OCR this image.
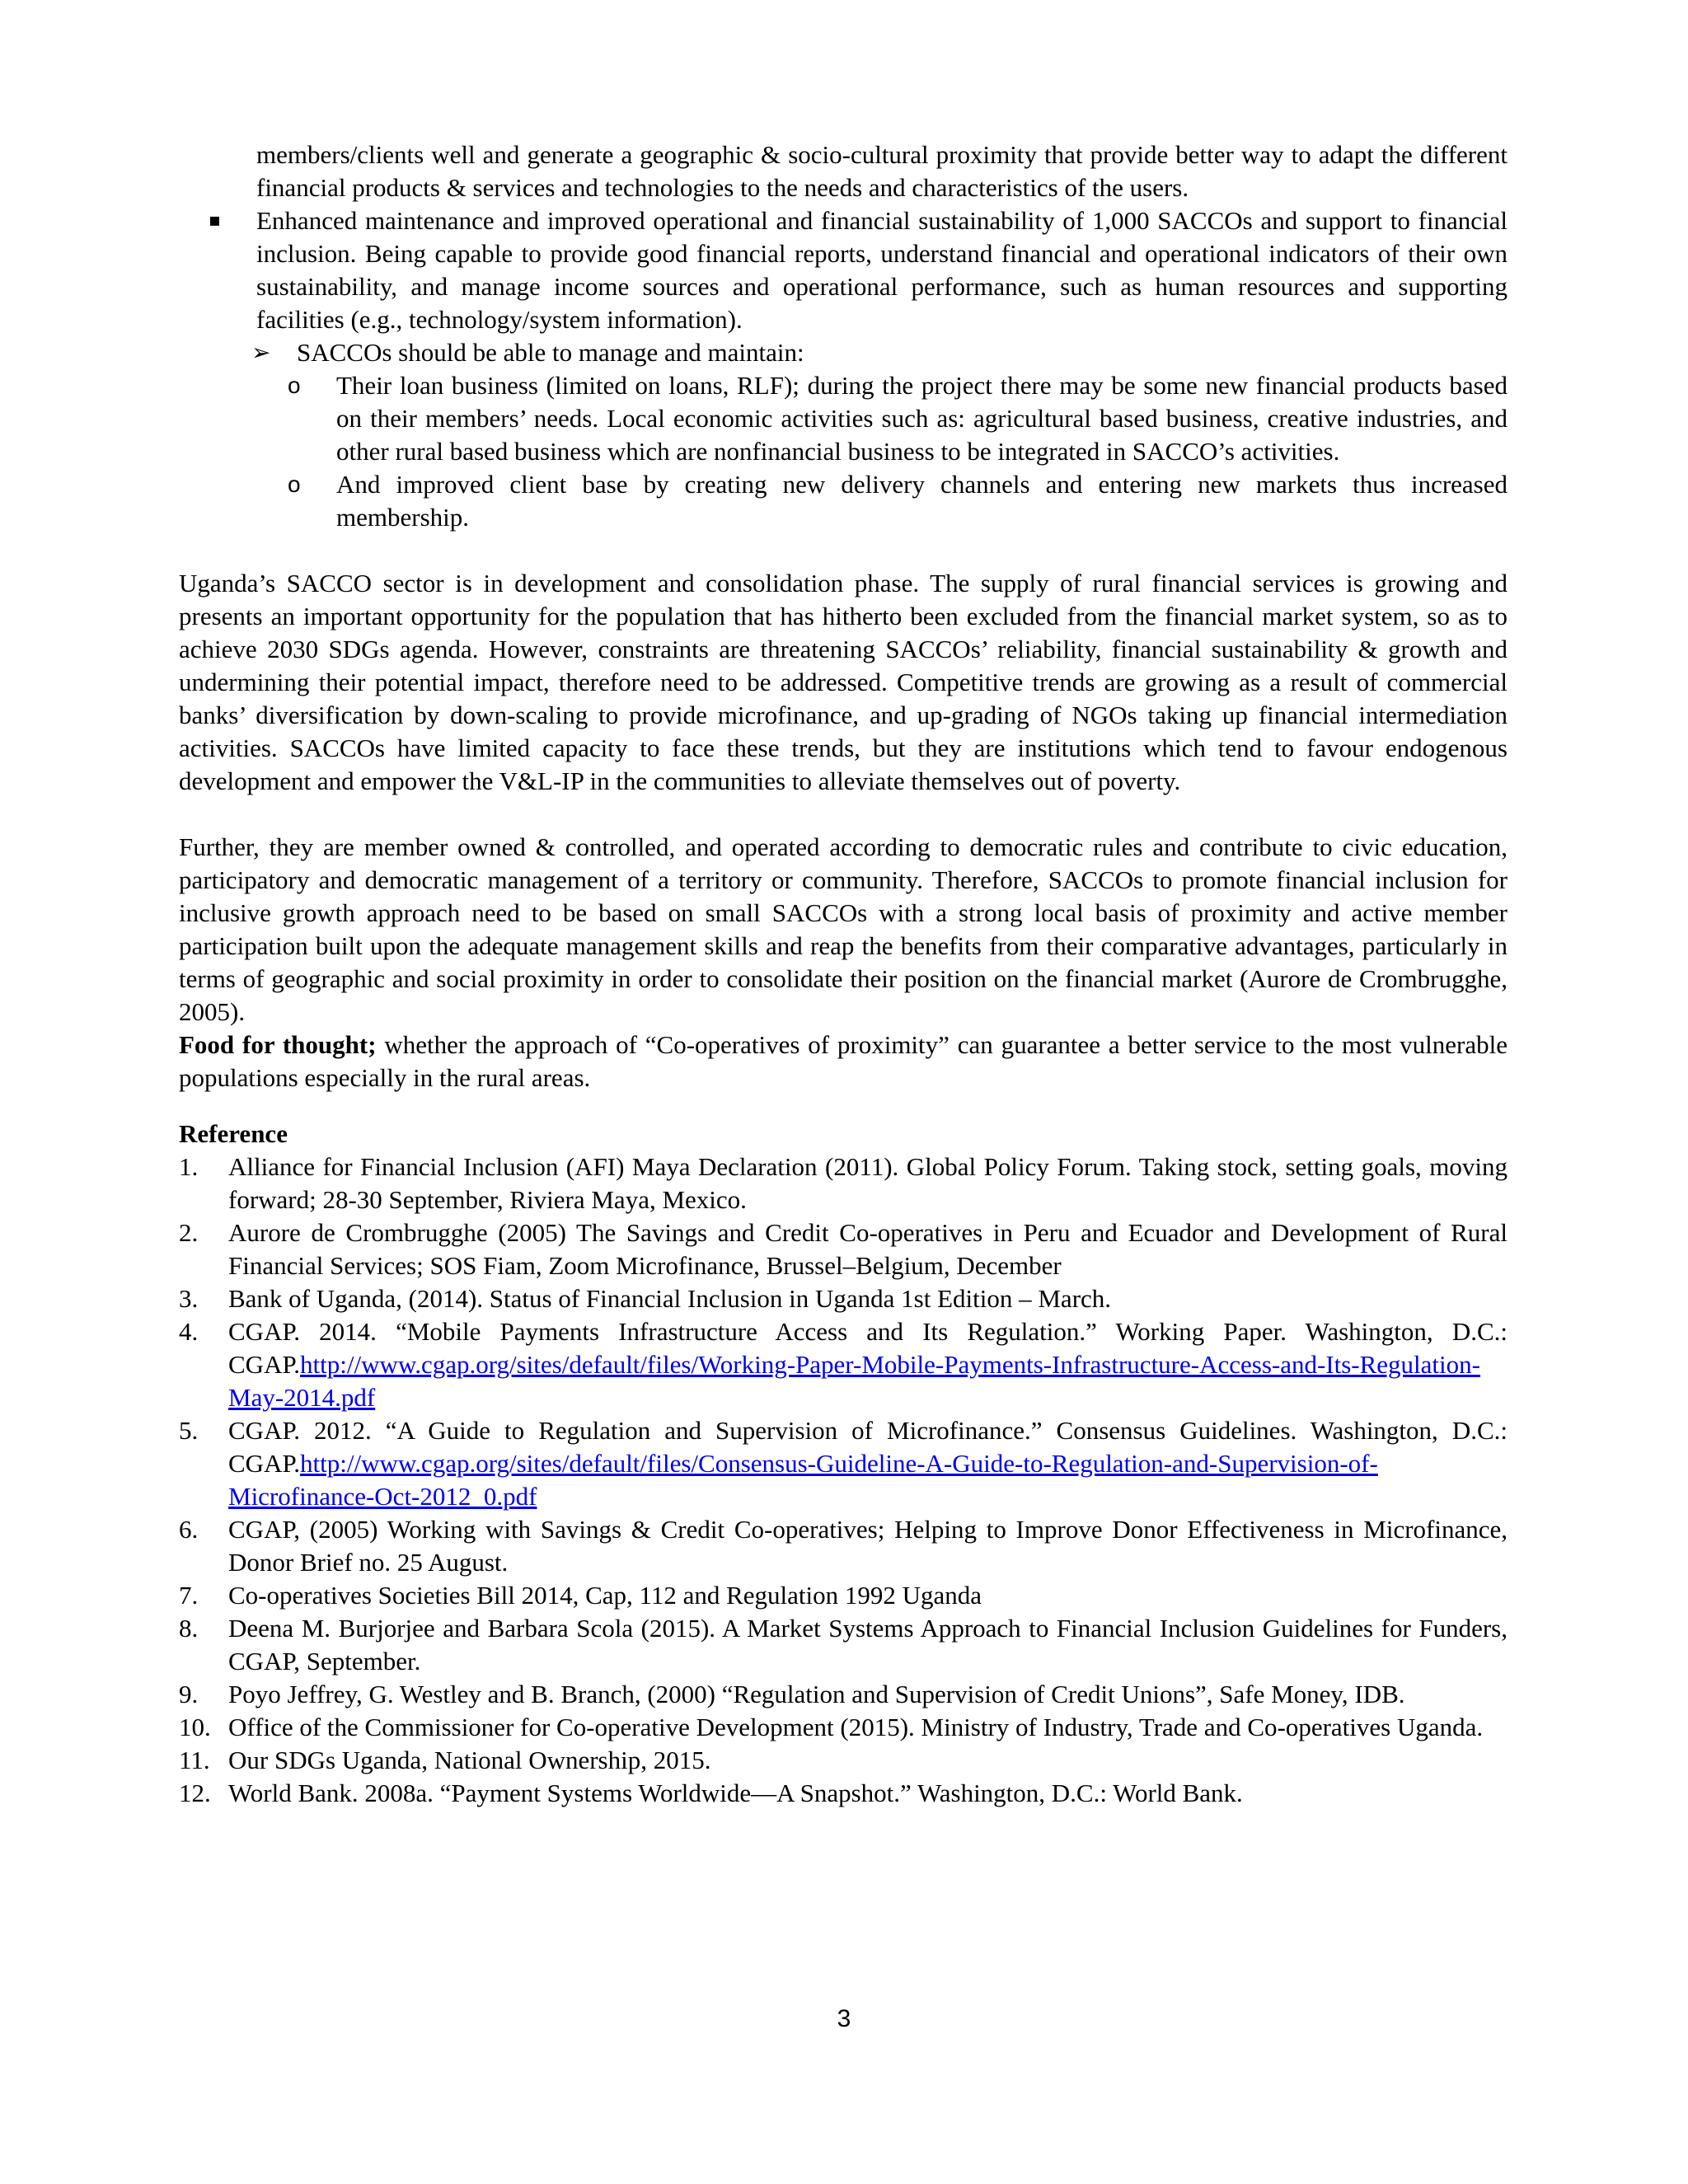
members/clients well and generate a geographic & socio-cultural proximity that provide better way to adapt the different financial products & services and technologies to the needs and characteristics of the users.

▪ Enhanced maintenance and improved operational and financial sustainability of 1,000 SACCOs and support to financial inclusion. Being capable to provide good financial reports, understand financial and operational indicators of their own sustainability, and manage income sources and operational performance, such as human resources and supporting facilities (e.g., technology/system information).

➢ SACCOs should be able to manage and maintain:

o Their loan business (limited on loans, RLF); during the project there may be some new financial products based on their members’ needs. Local economic activities such as: agricultural based business, creative industries, and other rural based business which are nonfinancial business to be integrated in SACCO’s activities.

o And improved client base by creating new delivery channels and entering new markets thus increased membership.

Uganda’s SACCO sector is in development and consolidation phase. The supply of rural financial services is growing and presents an important opportunity for the population that has hitherto been excluded from the financial market system, so as to achieve 2030 SDGs agenda. However, constraints are threatening SACCOs’ reliability, financial sustainability & growth and undermining their potential impact, therefore need to be addressed. Competitive trends are growing as a result of commercial banks’ diversification by down-scaling to provide microfinance, and up-grading of NGOs taking up financial intermediation activities. SACCOs have limited capacity to face these trends, but they are institutions which tend to favour endogenous development and empower the V&L-IP in the communities to alleviate themselves out of poverty.

Further, they are member owned & controlled, and operated according to democratic rules and contribute to civic education, participatory and democratic management of a territory or community. Therefore, SACCOs to promote financial inclusion for inclusive growth approach need to be based on small SACCOs with a strong local basis of proximity and active member participation built upon the adequate management skills and reap the benefits from their comparative advantages, particularly in terms of geographic and social proximity in order to consolidate their position on the financial market (Aurore de Crombrugghe, 2005).

Food for thought; whether the approach of “Co-operatives of proximity” can guarantee a better service to the most vulnerable populations especially in the rural areas.

Reference

1. Alliance for Financial Inclusion (AFI) Maya Declaration (2011). Global Policy Forum. Taking stock, setting goals, moving forward; 28-30 September, Riviera Maya, Mexico.
2. Aurore de Crombrugghe (2005) The Savings and Credit Co-operatives in Peru and Ecuador and Development of Rural Financial Services; SOS Fiam, Zoom Microfinance, Brussel–Belgium, December
3. Bank of Uganda, (2014). Status of Financial Inclusion in Uganda 1st Edition – March.
4. CGAP. 2014. “Mobile Payments Infrastructure Access and Its Regulation.” Working Paper. Washington, D.C.: CGAP.http://www.cgap.org/sites/default/files/Working-Paper-Mobile-Payments-Infrastructure-Access-and-Its-Regulation-May-2014.pdf
5. CGAP. 2012. “A Guide to Regulation and Supervision of Microfinance.” Consensus Guidelines. Washington, D.C.: CGAP.http://www.cgap.org/sites/default/files/Consensus-Guideline-A-Guide-to-Regulation-and-Supervision-of-Microfinance-Oct-2012_0.pdf
6. CGAP, (2005) Working with Savings & Credit Co-operatives; Helping to Improve Donor Effectiveness in Microfinance, Donor Brief no. 25 August.
7. Co-operatives Societies Bill 2014, Cap, 112 and Regulation 1992 Uganda
8. Deena M. Burjorjee and Barbara Scola (2015). A Market Systems Approach to Financial Inclusion Guidelines for Funders, CGAP, September.
9. Poyo Jeffrey, G. Westley and B. Branch, (2000) “Regulation and Supervision of Credit Unions”, Safe Money, IDB.
10. Office of the Commissioner for Co-operative Development (2015). Ministry of Industry, Trade and Co-operatives Uganda.
11. Our SDGs Uganda, National Ownership, 2015.
12. World Bank. 2008a. “Payment Systems Worldwide—A Snapshot.” Washington, D.C.: World Bank.
3
